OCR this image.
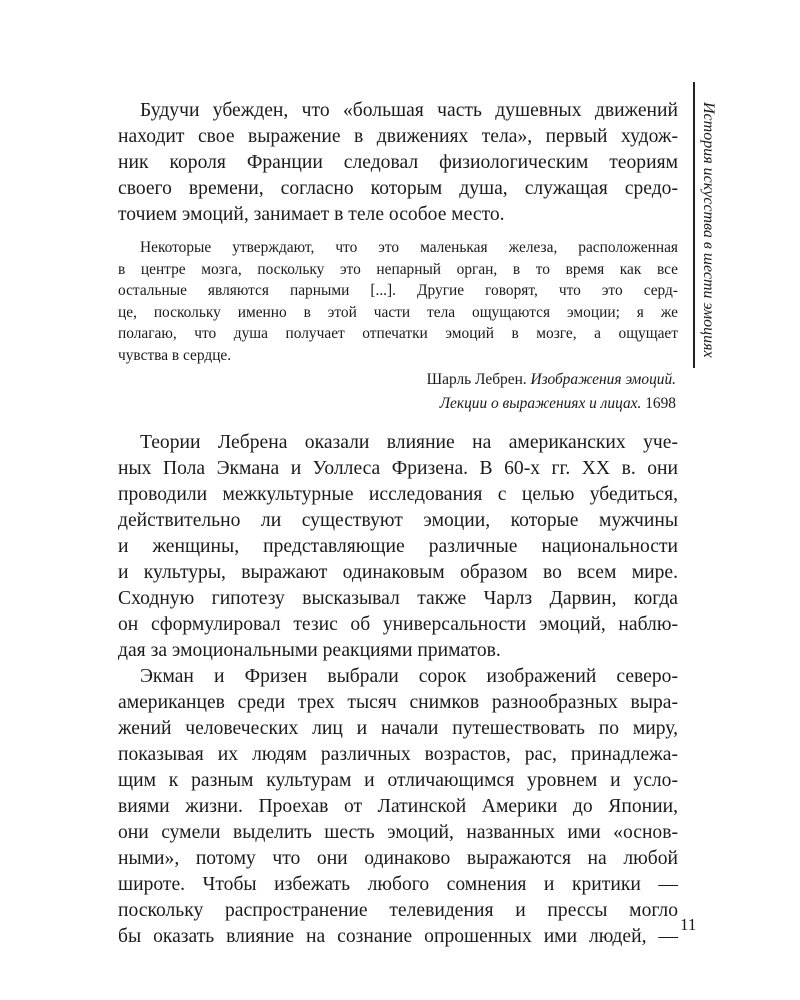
История искусства в шести эмоциях
Будучи убежден, что «большая часть душевных движений
находит свое выражение в движениях тела», первый худож-
ник короля Франции следовал физиологическим теориям
своего времени, согласно которым душа, служащая средо-
точием эмоций, занимает в теле особое место.
Некоторые утверждают, что это маленькая железа, расположенная
в центре мозга, поскольку это непарный орган, в то время как все
остальные являются парными [...]. Другие говорят, что это серд-
це, поскольку именно в этой части тела ощущаются эмоции; я же
полагаю, что душа получает отпечатки эмоций в мозге, а ощущает
чувства в сердце.
Шарль Лебрен. Изображения эмоций.
Лекции о выражениях и лицах. 1698
Теории Лебрена оказали влияние на американских уче-
ных Пола Экмана и Уоллеса Фризена. В 60-х гг. XX в. они
проводили межкультурные исследования с целью убедиться,
действительно ли существуют эмоции, которые мужчины
и женщины, представляющие различные национальности
и культуры, выражают одинаковым образом во всем мире.
Сходную гипотезу высказывал также Чарлз Дарвин, когда
он сформулировал тезис об универсальности эмоций, наблю-
дая за эмоциональными реакциями приматов.
Экман и Фризен выбрали сорок изображений северо-
американцев среди трех тысяч снимков разнообразных выра-
жений человеческих лиц и начали путешествовать по миру,
показывая их людям различных возрастов, рас, принадлежа-
щим к разным культурам и отличающимся уровнем и усло-
виями жизни. Проехав от Латинской Америки до Японии,
они сумели выделить шесть эмоций, названных ими «основ-
ными», потому что они одинаково выражаются на любой
широте. Чтобы избежать любого сомнения и критики —
поскольку распространение телевидения и прессы могло
бы оказать влияние на сознание опрошенных ими людей, —
11
